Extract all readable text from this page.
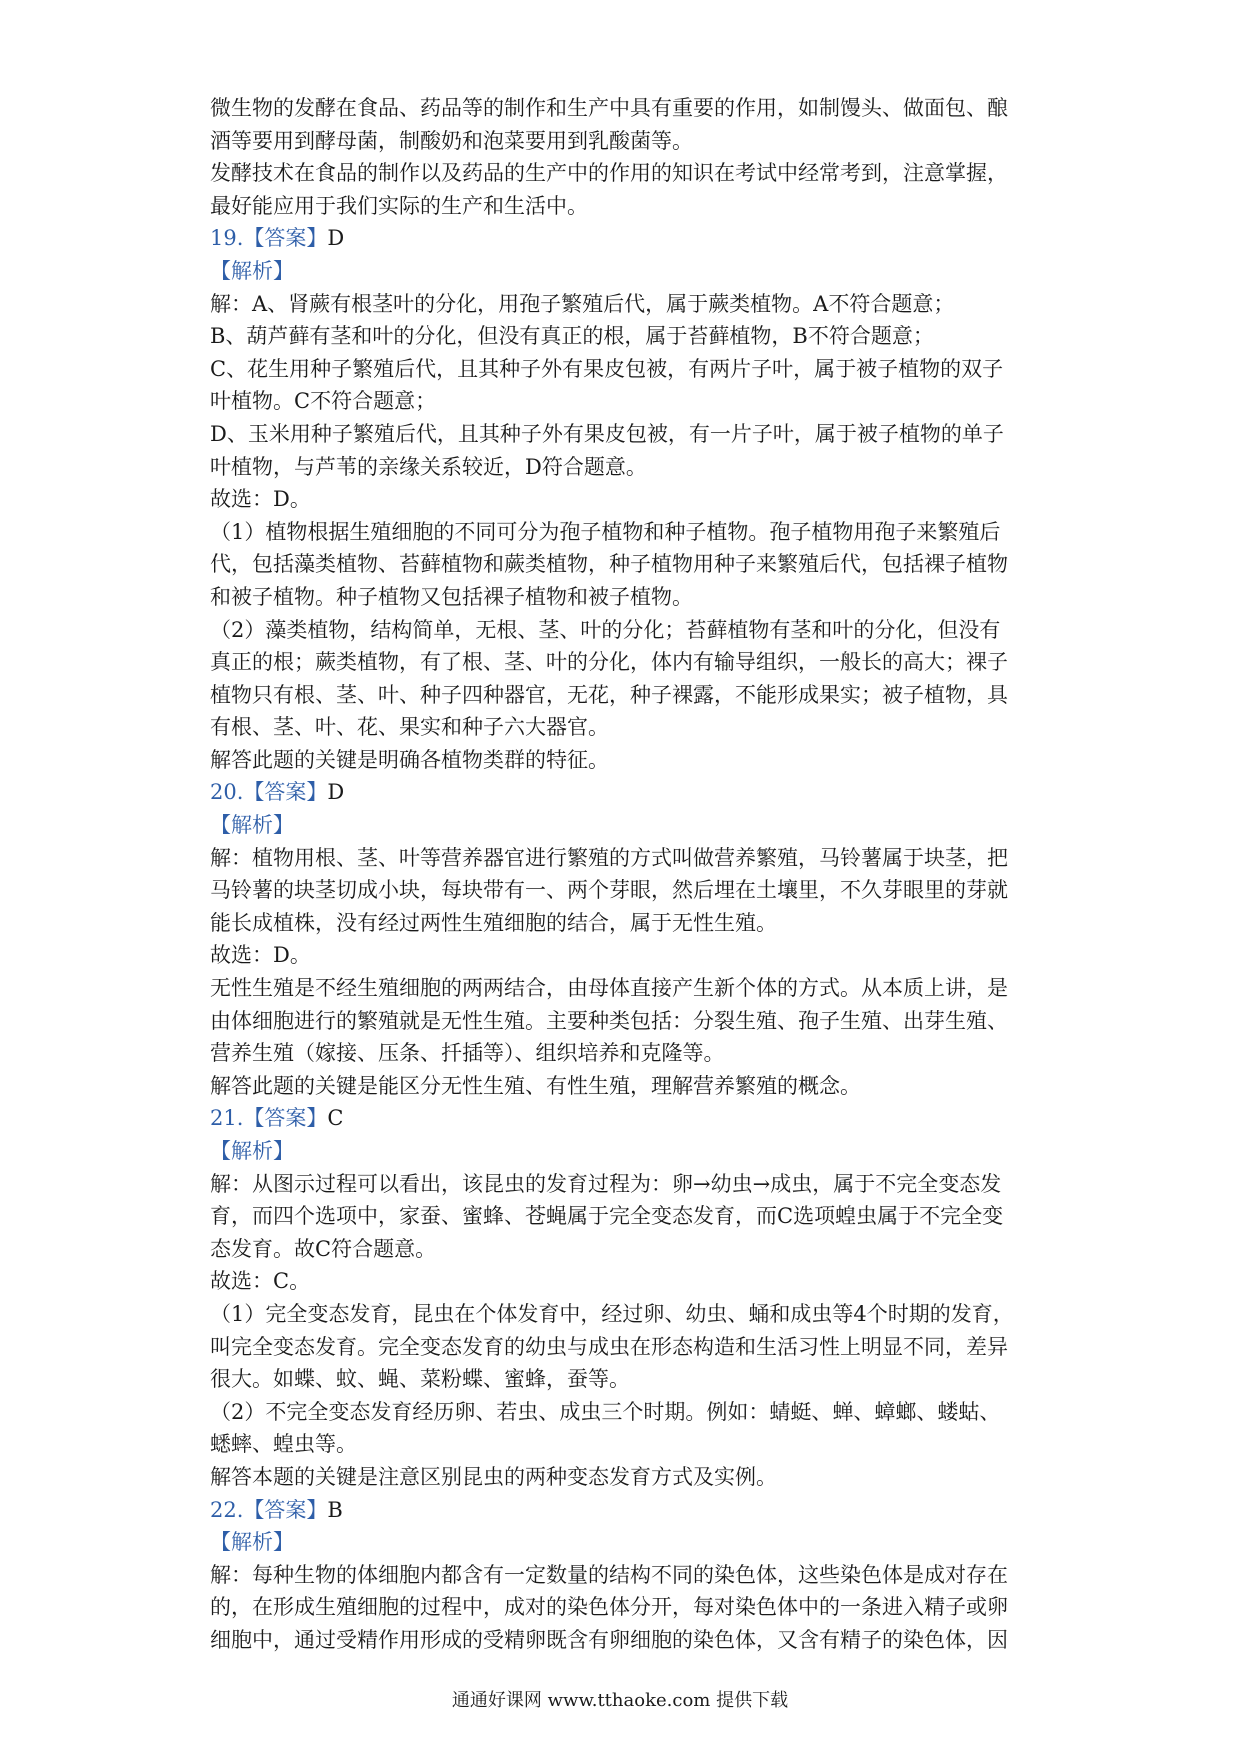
微生物的发酵在食品、药品等的制作和生产中具有重要的作用，如制馒头、做面包、酿
酒等要用到酵母菌，制酸奶和泡菜要用到乳酸菌等。
发酵技术在食品的制作以及药品的生产中的作用的知识在考试中经常考到，注意掌握，
最好能应用于我们实际的生产和生活中。
19.【答案】D
【解析】
解：A、肾蕨有根茎叶的分化，用孢子繁殖后代，属于蕨类植物。A不符合题意；
B、葫芦藓有茎和叶的分化，但没有真正的根，属于苔藓植物，B不符合题意；
C、花生用种子繁殖后代，且其种子外有果皮包被，有两片子叶，属于被子植物的双子
叶植物。C不符合题意；
D、玉米用种子繁殖后代，且其种子外有果皮包被，有一片子叶，属于被子植物的单子
叶植物，与芦苇的亲缘关系较近，D符合题意。
故选：D。
（1）植物根据生殖细胞的不同可分为孢子植物和种子植物。孢子植物用孢子来繁殖后
代，包括藻类植物、苔藓植物和蕨类植物，种子植物用种子来繁殖后代，包括裸子植物
和被子植物。种子植物又包括裸子植物和被子植物。
（2）藻类植物，结构简单，无根、茎、叶的分化；苔藓植物有茎和叶的分化，但没有
真正的根；蕨类植物，有了根、茎、叶的分化，体内有输导组织，一般长的高大；裸子
植物只有根、茎、叶、种子四种器官，无花，种子裸露，不能形成果实；被子植物，具
有根、茎、叶、花、果实和种子六大器官。
解答此题的关键是明确各植物类群的特征。
20.【答案】D
【解析】
解：植物用根、茎、叶等营养器官进行繁殖的方式叫做营养繁殖，马铃薯属于块茎，把
马铃薯的块茎切成小块，每块带有一、两个芽眼，然后埋在土壤里，不久芽眼里的芽就
能长成植株，没有经过两性生殖细胞的结合，属于无性生殖。
故选：D。
无性生殖是不经生殖细胞的两两结合，由母体直接产生新个体的方式。从本质上讲，是
由体细胞进行的繁殖就是无性生殖。主要种类包括：分裂生殖、孢子生殖、出芽生殖、
营养生殖（嫁接、压条、扦插等）、组织培养和克隆等。
解答此题的关键是能区分无性生殖、有性生殖，理解营养繁殖的概念。
21.【答案】C
【解析】
解：从图示过程可以看出，该昆虫的发育过程为：卵→幼虫→成虫，属于不完全变态发
育，而四个选项中，家蚕、蜜蜂、苍蝇属于完全变态发育，而C选项蝗虫属于不完全变
态发育。故C符合题意。
故选：C。
（1）完全变态发育，昆虫在个体发育中，经过卵、幼虫、蛹和成虫等4个时期的发育，
叫完全变态发育。完全变态发育的幼虫与成虫在形态构造和生活习性上明显不同，差异
很大。如蝶、蚊、蝇、菜粉蝶、蜜蜂，蚕等。
（2）不完全变态发育经历卵、若虫、成虫三个时期。例如：蜻蜓、蝉、蟑螂、蝼蛄、
蟋蟀、蝗虫等。
解答本题的关键是注意区别昆虫的两种变态发育方式及实例。
22.【答案】B
【解析】
解：每种生物的体细胞内都含有一定数量的结构不同的染色体，这些染色体是成对存在
的，在形成生殖细胞的过程中，成对的染色体分开，每对染色体中的一条进入精子或卵
细胞中，通过受精作用形成的受精卵既含有卵细胞的染色体，又含有精子的染色体，因
通通好课网 www.tthaoke.com 提供下载
